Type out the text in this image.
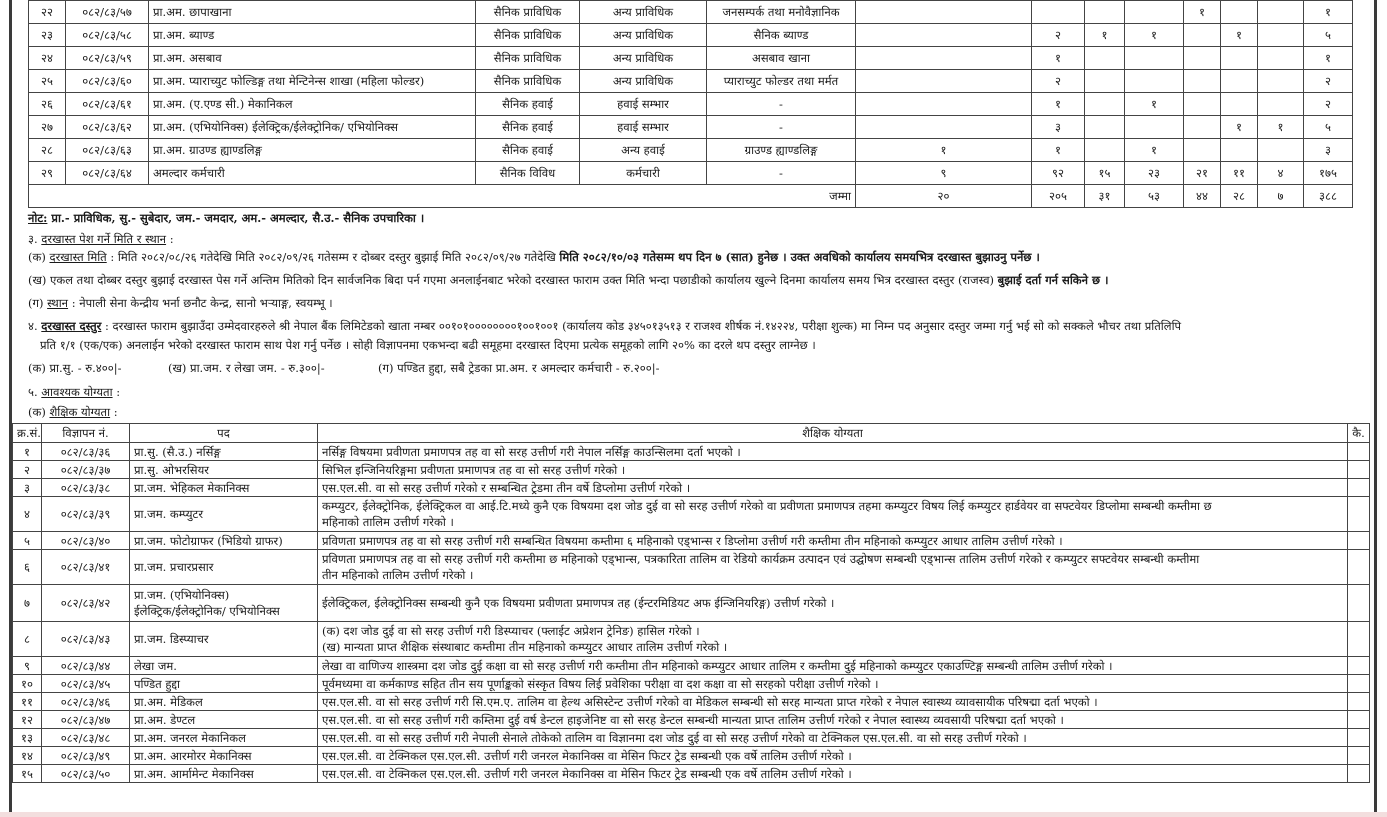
२२	०८२/८३/५७	प्रा.अम. छापाखाना	सैनिक प्राविधिक	अन्य प्राविधिक	जनसम्पर्क तथा मनोवैज्ञानिक					१			१
२३	०८२/८३/५८	प्रा.अम. ब्याण्ड	सैनिक प्राविधिक	अन्य प्राविधिक	सैनिक ब्याण्ड		२	१	१		१		५
२४	०८२/८३/५९	प्रा.अम. असबाव	सैनिक प्राविधिक	अन्य प्राविधिक	असबाव खाना		१						१
२५	०८२/८३/६०	प्रा.अम. प्याराच्युट फोल्डिङ्ग तथा मेन्टिनेन्स शाखा (महिला फोल्डर)	सैनिक प्राविधिक	अन्य प्राविधिक	प्याराच्युट फोल्डर तथा मर्मत		२						२
२६	०८२/८३/६१	प्रा.अम. (ए.एण्ड सी.) मेकानिकल	सैनिक हवाई	हवाई सम्भार	-		१		१				२
२७	०८२/८३/६२	प्रा.अम. (एभियोनिक्स) ईलेक्ट्रिक/ईलेक्ट्रोनिक/ एभियोनिक्स	सैनिक हवाई	हवाई सम्भार	-		३				१	१	५
२८	०८२/८३/६३	प्रा.अम. ग्राउण्ड ह्याण्डलिङ्ग	सैनिक हवाई	अन्य हवाई	ग्राउण्ड ह्याण्डलिङ्ग	१	१		१				३
२९	०८२/८३/६४	अमल्दार कर्मचारी	सैनिक विविध	कर्मचारी	-	९	९२	१५	२३	२१	११	४	१७५
जम्मा						२०	२०५	३१	५३	४४	२८	७	३८८
नोट: प्रा.- प्राविधिक, सु.- सुबेदार, जम.- जमदार, अम.- अमल्दार, सै.उ.- सैनिक उपचारिका ।
३. दरखास्त पेश गर्ने मिति र स्थान :
(क) दरखास्त मिति : मिति २०८२/०८/२६ गतेदेखि मिति २०८२/०९/२६ गतेसम्म र दोब्बर दस्तुर बुझाई मिति २०८२/०९/२७ गतेदेखि मिति २०८२/१०/०३ गतेसम्म थप दिन ७ (सात) हुनेछ । उक्त अवधिको कार्यालय समयभित्र दरखास्त बुझाउनु पर्नेछ ।
(ख) एकल तथा दोब्बर दस्तुर बुझाई दरखास्त पेस गर्ने अन्तिम मितिको दिन सार्वजनिक बिदा पर्न गएमा अनलाईनबाट भरेको दरखास्त फाराम उक्त मिति भन्दा पछाडीको कार्यालय खुल्ने दिनमा कार्यालय समय भित्र दरखास्त दस्तुर (राजस्व) बुझाई दर्ता गर्न सकिने छ ।
(ग) स्थान : नेपाली सेना केन्द्रीय भर्ना छनौट केन्द्र, सानो भऱ्याङ्ग, स्वयम्भू ।
४. दरखास्त दस्तुर : दरखास्त फाराम बुझाउँदा उम्मेदवारहरुले श्री नेपाल बैंक लिमिटेडको खाता नम्बर ००१०१००००००००१००१००१ (कार्यालय कोड ३४५०१३५१३ र राजश्व शीर्षक नं.१४२२४, परीक्षा शुल्क) मा निम्न पद अनुसार दस्तुर जम्मा गर्नु भई सो को सक्कले भौचर तथा प्रतिलिपि
प्रति १/१ (एक/एक) अनलाईन भरेको दरखास्त फाराम साथ पेश गर्नु पर्नेछ । सोही विज्ञापनमा एकभन्दा बढी समूहमा दरखास्त दिएमा प्रत्येक समूहको लागि २०% का दरले थप दस्तुर लाग्नेछ ।
(क) प्रा.सु. - रु.४००|-	(ख) प्रा.जम. र लेखा जम. - रु.३००|-	(ग) पण्डित हुद्दा, सबै ट्रेडका प्रा.अम. र अमल्दार कर्मचारी - रु.२००|-
५. आवश्यक योग्यता :
(क) शैक्षिक योग्यता :
क्र.सं.	विज्ञापन नं.	पद	शैक्षिक योग्यता	कै.
१	०८२/८३/३६	प्रा.सु. (सै.उ.) नर्सिङ्ग	नर्सिङ्ग विषयमा प्रवीणता प्रमाणपत्र तह वा सो सरह उत्तीर्ण गरी नेपाल नर्सिङ्ग काउन्सिलमा दर्ता भएको ।	

२	०८२/८३/३७	प्रा.सु. ओभरसियर	सिभिल इन्जिनियरिङ्गमा प्रवीणता प्रमाणपत्र तह वा सो सरह उत्तीर्ण गरेको ।	

३	०८२/८३/३८	प्रा.जम. भेहिकल मेकानिक्स	एस.एल.सी. वा सो सरह उत्तीर्ण गरेको र सम्बन्धित ट्रेडमा तीन वर्षे डिप्लोमा उत्तीर्ण गरेको ।	

४	०८२/८३/३९	प्रा.जम. कम्प्युटर	कम्प्युटर, ईलेक्ट्रोनिक, ईलेक्ट्रिकल वा आई.टि.मध्ये कुनै एक विषयमा दश जोड दुई वा सो सरह उत्तीर्ण गरेको वा प्रवीणता प्रमाणपत्र तहमा कम्प्युटर विषय लिई कम्प्युटर हार्डवेयर वा सफ्टवेयर डिप्लोमा सम्बन्धी कम्तीमा छ
महिनाको तालिम उत्तीर्ण गरेको ।	

५	०८२/८३/४०	प्रा.जम. फोटोग्राफर (भिडियो ग्राफर)	प्रविणता प्रमाणपत्र तह वा सो सरह उत्तीर्ण गरी सम्बन्धित विषयमा कम्तीमा ६ महिनाको एड्भान्स र डिप्लोमा उत्तीर्ण गरी कम्तीमा तीन महिनाको कम्प्युटर आधार तालिम उत्तीर्ण गरेको ।	

६	०८२/८३/४१	प्रा.जम. प्रचारप्रसार	प्रविणता प्रमाणपत्र तह वा सो सरह उत्तीर्ण गरी कम्तीमा छ महिनाको एड्भान्स, पत्रकारिता तालिम वा रेडियो कार्यक्रम उत्पादन एवं उद्घोषण सम्बन्धी एड्भान्स तालिम उत्तीर्ण गरेको र कम्प्युटर सफ्टवेयर सम्बन्धी कम्तीमा
तीन महिनाको तालिम उत्तीर्ण गरेको ।	

७	०८२/८३/४२	प्रा.जम. (एभियोनिक्स)
ईलेक्ट्रिक/ईलेक्ट्रोनिक/ एभियोनिक्स	ईलेक्ट्रिकल, ईलेक्ट्रोनिक्स सम्बन्धी कुनै एक विषयमा प्रवीणता प्रमाणपत्र तह (ईन्टरमिडियट अफ ईन्जिनियरिङ्ग) उत्तीर्ण गरेको ।	

८	०८२/८३/४३	प्रा.जम. डिस्प्याचर	(क) दश जोड दुई वा सो सरह उत्तीर्ण गरी डिस्प्याचर (फ्लाईट अप्रेशन ट्रेनिङ) हासिल गरेको ।
(ख) मान्यता प्राप्त शैक्षिक संस्थाबाट कम्तीमा तीन महिनाको कम्प्युटर आधार तालिम उत्तीर्ण गरेको ।	

९	०८२/८३/४४	लेखा जम.	लेखा वा वाणिज्य शास्त्रमा दश जोड दुई कक्षा वा सो सरह उत्तीर्ण गरी कम्तीमा तीन महिनाको कम्प्युटर आधार तालिम र कम्तीमा दुई महिनाको कम्प्युटर एकाउण्टिङ्ग सम्बन्धी तालिम उत्तीर्ण गरेको ।	

१०	०८२/८३/४५	पण्डित हुद्दा	पूर्वमध्यमा वा कर्मकाण्ड सहित तीन सय पूर्णाङ्कको संस्कृत विषय लिई प्रवेशिका परीक्षा वा दश कक्षा वा सो सरहको परीक्षा उत्तीर्ण गरेको ।	

११	०८२/८३/४६	प्रा.अम. मेडिकल	एस.एल.सी. वा सो सरह उत्तीर्ण गरी सि.एम.ए. तालिम वा हेल्थ असिस्टेन्ट उत्तीर्ण गरेको वा मेडिकल सम्बन्धी सो सरह मान्यता प्राप्त गरेको र नेपाल स्वास्थ्य व्यावसायीक परिषद्मा दर्ता भएको ।	

१२	०८२/८३/४७	प्रा.अम. डेण्टल	एस.एल.सी. वा सो सरह उत्तीर्ण गरी कम्तिमा दुई वर्ष डेन्टल हाइजेनिष्ट वा सो सरह डेन्टल सम्बन्धी मान्यता प्राप्त तालिम उत्तीर्ण गरेको र नेपाल स्वास्थ्य व्यवसायी परिषद्मा दर्ता भएको ।	

१३	०८२/८३/४८	प्रा.अम. जनरल मेकानिकल	एस.एल.सी. वा सो सरह उत्तीर्ण गरी नेपाली सेनाले तोकेको तालिम वा विज्ञानमा दश जोड दुई वा सो सरह उत्तीर्ण गरेको वा टेक्निकल एस.एल.सी. वा सो सरह उत्तीर्ण गरेको ।	

१४	०८२/८३/४९	प्रा.अम. आरमोरर मेकानिक्स	एस.एल.सी. वा टेक्निकल एस.एल.सी. उत्तीर्ण गरी जनरल मेकानिक्स वा मेसिन फिटर ट्रेड सम्बन्धी एक वर्षे तालिम उत्तीर्ण गरेको ।	

१५	०८२/८३/५०	प्रा.अम. आर्मामेन्ट मेकानिक्स	एस.एल.सी. वा टेक्निकल एस.एल.सी. उत्तीर्ण गरी जनरल मेकानिक्स वा मेसिन फिटर ट्रेड सम्बन्धी एक वर्षे तालिम उत्तीर्ण गरेको ।	
